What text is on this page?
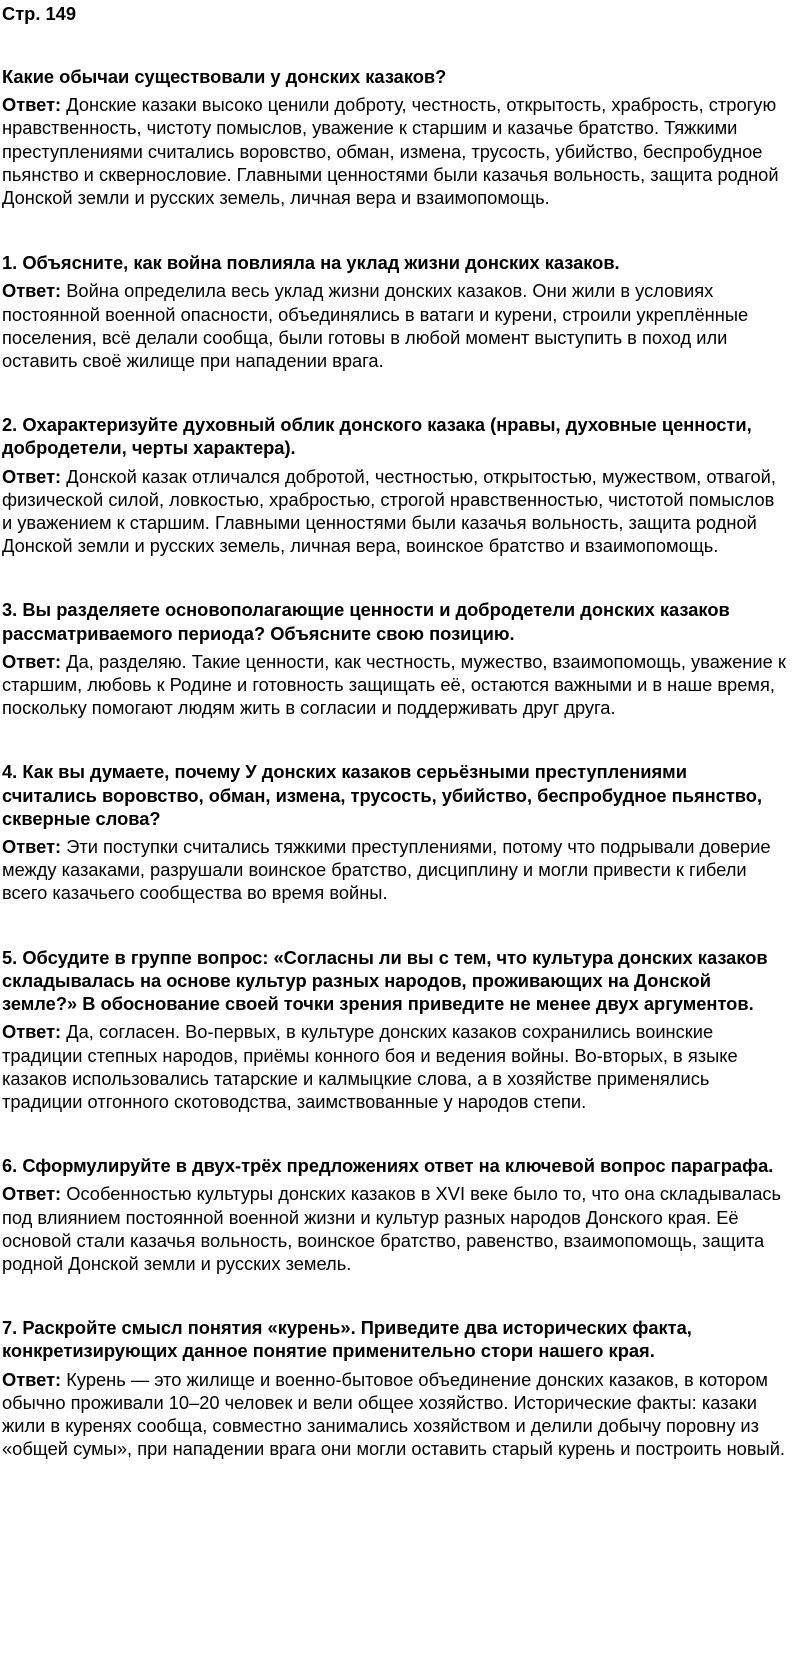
Стр. 149
Какие обычаи существовали у донских казаков?
Ответ: Донские казаки высоко ценили доброту, честность, открытость, храбрость, строгую нравственность, чистоту помыслов, уважение к старшим и казачье братство. Тяжкими преступлениями считались воровство, обман, измена, трусость, убийство, беспробудное пьянство и сквернословие. Главными ценностями были казачья вольность, защита родной Донской земли и русских земель, личная вера и взаимопомощь.
1. Объясните, как война повлияла на уклад жизни донских казаков.
Ответ: Война определила весь уклад жизни донских казаков. Они жили в условиях постоянной военной опасности, объединялись в ватаги и курени, строили укреплённые поселения, всё делали сообща, были готовы в любой момент выступить в поход или оставить своё жилище при нападении врага.
2. Охарактеризуйте духовный облик донского казака (нравы, духовные ценности, добродетели, черты характера).
Ответ: Донской казак отличался добротой, честностью, открытостью, мужеством, отвагой, физической силой, ловкостью, храбростью, строгой нравственностью, чистотой помыслов и уважением к старшим. Главными ценностями были казачья вольность, защита родной Донской земли и русских земель, личная вера, воинское братство и взаимопомощь.
3. Вы разделяете основополагающие ценности и добродетели донских казаков рассматриваемого периода? Объясните свою позицию.
Ответ: Да, разделяю. Такие ценности, как честность, мужество, взаимопомощь, уважение к старшим, любовь к Родине и готовность защищать её, остаются важными и в наше время, поскольку помогают людям жить в согласии и поддерживать друг друга.
4. Как вы думаете, почему У донских казаков серьёзными преступлениями считались воровство, обман, измена, трусость, убийство, беспробудное пьянство, скверные слова?
Ответ: Эти поступки считались тяжкими преступлениями, потому что подрывали доверие между казаками, разрушали воинское братство, дисциплину и могли привести к гибели всего казачьего сообщества во время войны.
5. Обсудите в группе вопрос: «Согласны ли вы с тем, что культура донских казаков складывалась на основе культур разных народов, проживающих на Донской земле?» В обоснование своей точки зрения приведите не менее двух аргументов.
Ответ: Да, согласен. Во-первых, в культуре донских казаков сохранились воинские традиции степных народов, приёмы конного боя и ведения войны. Во-вторых, в языке казаков использовались татарские и калмыцкие слова, а в хозяйстве применялись традиции отгонного скотоводства, заимствованные у народов степи.
6. Сформулируйте в двух-трёх предложениях ответ на ключевой вопрос параграфа.
Ответ: Особенностью культуры донских казаков в XVI веке было то, что она складывалась под влиянием постоянной военной жизни и культур разных народов Донского края. Её основой стали казачья вольность, воинское братство, равенство, взаимопомощь, защита родной Донской земли и русских земель.
7. Раскройте смысл понятия «курень». Приведите два исторических факта, конкретизирующих данное понятие применительно стори нашего края.
Ответ: Курень — это жилище и военно-бытовое объединение донских казаков, в котором обычно проживали 10–20 человек и вели общее хозяйство. Исторические факты: казаки жили в куренях сообща, совместно занимались хозяйством и делили добычу поровну из «общей сумы», при нападении врага они могли оставить старый курень и построить новый.
